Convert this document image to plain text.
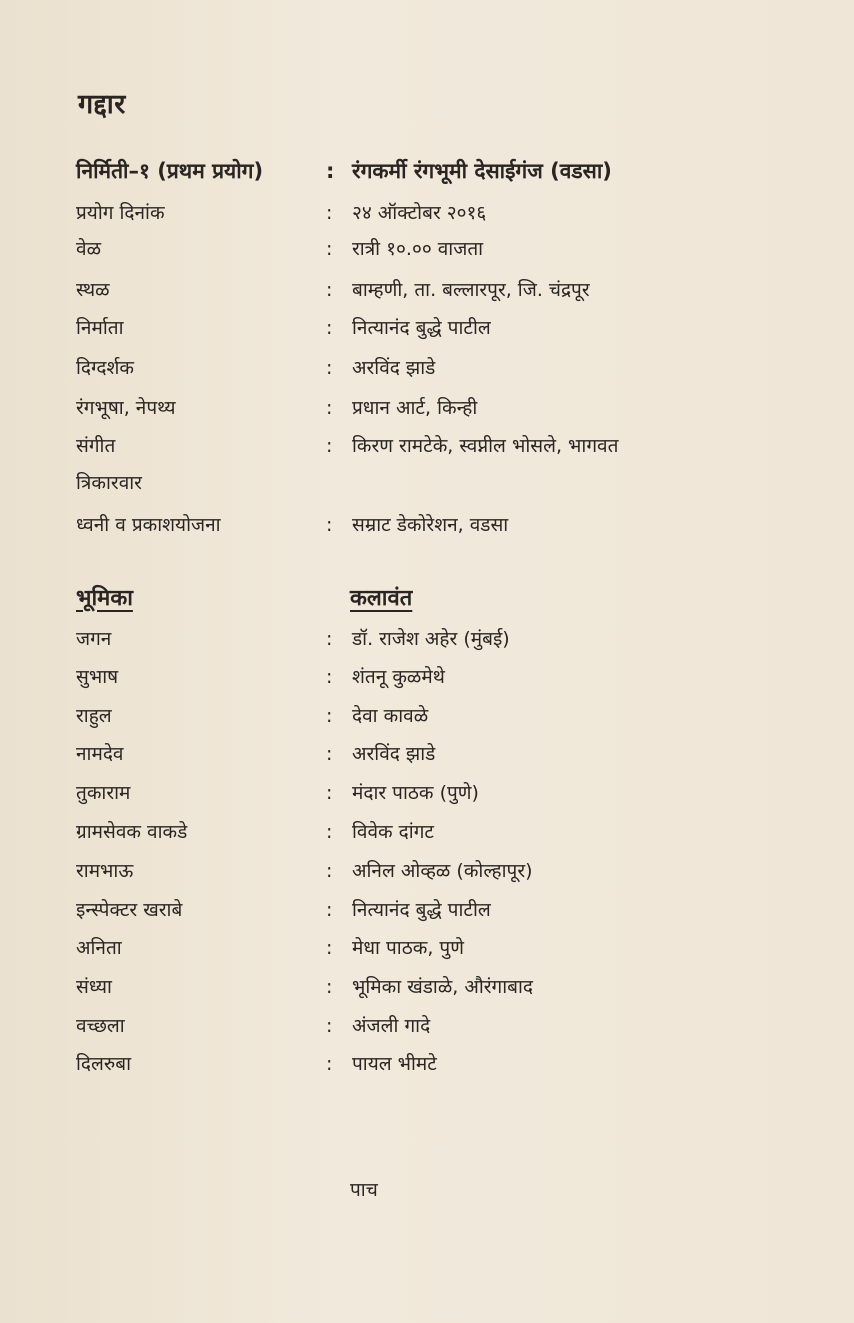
गद्दार
निर्मिती–१ (प्रथम प्रयोग)	: रंगकर्मी रंगभूमी देसाईगंज (वडसा)
प्रयोग दिनांक	: २४ ऑक्टोबर २०१६
वेळ	: रात्री १०.०० वाजता
स्थळ	: बाम्हणी, ता. बल्लारपूर, जि. चंद्रपूर
निर्माता	: नित्यानंद बुद्धे पाटील
दिग्दर्शक	: अरविंद झाडे
रंगभूषा, नेपथ्य	: प्रधान आर्ट, किन्ही
संगीत	: किरण रामटेके, स्वप्नील भोसले, भागवत
त्रिकारवार
ध्वनी व प्रकाशयोजना	: सम्राट डेकोरेशन, वडसा
भूमिका	कलावंत
जगन	: डॉ. राजेश अहेर (मुंबई)
सुभाष	: शंतनू कुळमेथे
राहुल	: देवा कावळे
नामदेव	: अरविंद झाडे
तुकाराम	: मंदार पाठक (पुणे)
ग्रामसेवक वाकडे	: विवेक दांगट
रामभाऊ	: अनिल ओव्हळ (कोल्हापूर)
इन्स्पेक्टर खराबे	: नित्यानंद बुद्धे पाटील
अनिता	: मेधा पाठक, पुणे
संध्या	: भूमिका खंडाळे, औरंगाबाद
वच्छला	: अंजली गादे
दिलरुबा	: पायल भीमटे
पाच
